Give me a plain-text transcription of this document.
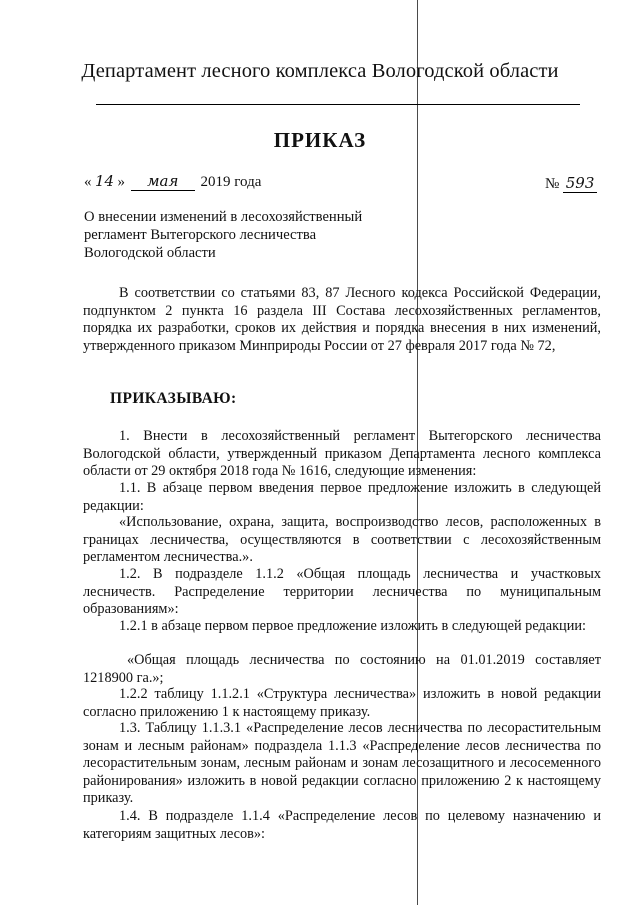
Департамент лесного комплекса Вологодской области
ПРИКАЗ
« 14 » мая 2019 года	№ 593
О внесении изменений в лесохозяйственный
регламент Вытегорского лесничества
Вологодской области
В соответствии со статьями 83, 87 Лесного кодекса Российской Федерации, подпунктом 2 пункта 16 раздела III Состава лесохозяйственных регламентов, порядка их разработки, сроков их действия и порядка внесения в них изменений, утвержденного приказом Минприроды России от 27 февраля 2017 года № 72,
ПРИКАЗЫВАЮ:
1. Внести в лесохозяйственный регламент Вытегорского лесничества Вологодской области, утвержденный приказом Департамента лесного комплекса области от 29 октября 2018 года № 1616, следующие изменения:
1.1. В абзаце первом введения первое предложение изложить в следующей редакции:
«Использование, охрана, защита, воспроизводство лесов, расположенных в границах лесничества, осуществляются в соответствии с лесохозяйственным регламентом лесничества.».
1.2. В подразделе 1.1.2 «Общая площадь лесничества и участковых лесничеств. Распределение территории лесничества по муниципальным образованиям»:
1.2.1 в абзаце первом первое предложение изложить в следующей редакции:
«Общая площадь лесничества по состоянию на 01.01.2019 составляет 1218900 га.»;
1.2.2 таблицу 1.1.2.1 «Структура лесничества» изложить в новой редакции согласно приложению 1 к настоящему приказу.
1.3. Таблицу 1.1.3.1 «Распределение лесов лесничества по лесорастительным зонам и лесным районам» подраздела 1.1.3 «Распределение лесов лесничества по лесорастительным зонам, лесным районам и зонам лесозащитного и лесосеменного районирования» изложить в новой редакции согласно приложению 2 к настоящему приказу.
1.4. В подразделе 1.1.4 «Распределение лесов по целевому назначению и категориям защитных лесов»:
